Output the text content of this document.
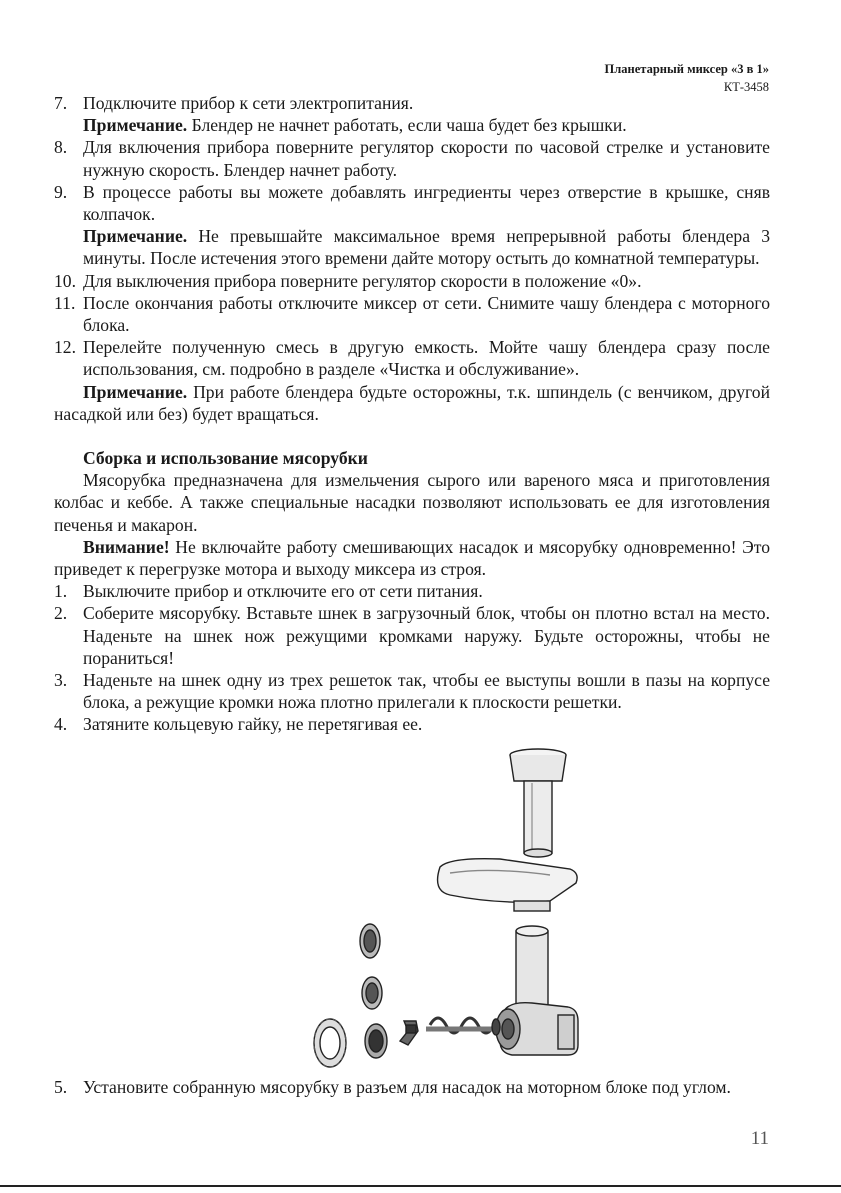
Планетарный миксер «3 в 1»
КТ-3458
7. Подключите прибор к сети электропитания.
Примечание. Блендер не начнет работать, если чаша будет без крышки.
8. Для включения прибора поверните регулятор скорости по часовой стрелке и установите нужную скорость. Блендер начнет работу.
9. В процессе работы вы можете добавлять ингредиенты через отверстие в крышке, сняв колпачок.
Примечание. Не превышайте максимальное время непрерывной работы блендера 3 минуты. После истечения этого времени дайте мотору остыть до комнатной температуры.
10. Для выключения прибора поверните регулятор скорости в положение «0».
11. После окончания работы отключите миксер от сети. Снимите чашу блендера с моторного блока.
12. Перелейте полученную смесь в другую емкость. Мойте чашу блендера сразу после использования, см. подробно в разделе «Чистка и обслуживание».
Примечание. При работе блендера будьте осторожны, т.к. шпиндель (с венчиком, другой насадкой или без) будет вращаться.
Сборка и использование мясорубки
Мясорубка предназначена для измельчения сырого или вареного мяса и приготовления колбас и кеббе. А также специальные насадки позволяют использовать ее для изготовления печенья и макарон.
Внимание! Не включайте работу смешивающих насадок и мясорубку одновременно! Это приведет к перегрузке мотора и выходу миксера из строя.
1. Выключите прибор и отключите его от сети питания.
2. Соберите мясорубку. Вставьте шнек в загрузочный блок, чтобы он плотно встал на место. Наденьте на шнек нож режущими кромками наружу. Будьте осторожны, чтобы не пораниться!
3. Наденьте на шнек одну из трех решеток так, чтобы ее выступы вошли в пазы на корпусе блока, а режущие кромки ножа плотно прилегали к плоскости решетки.
4. Затяните кольцевую гайку, не перетягивая ее.
5. Установите собранную мясорубку в разъем для насадок на моторном блоке под углом.
11
